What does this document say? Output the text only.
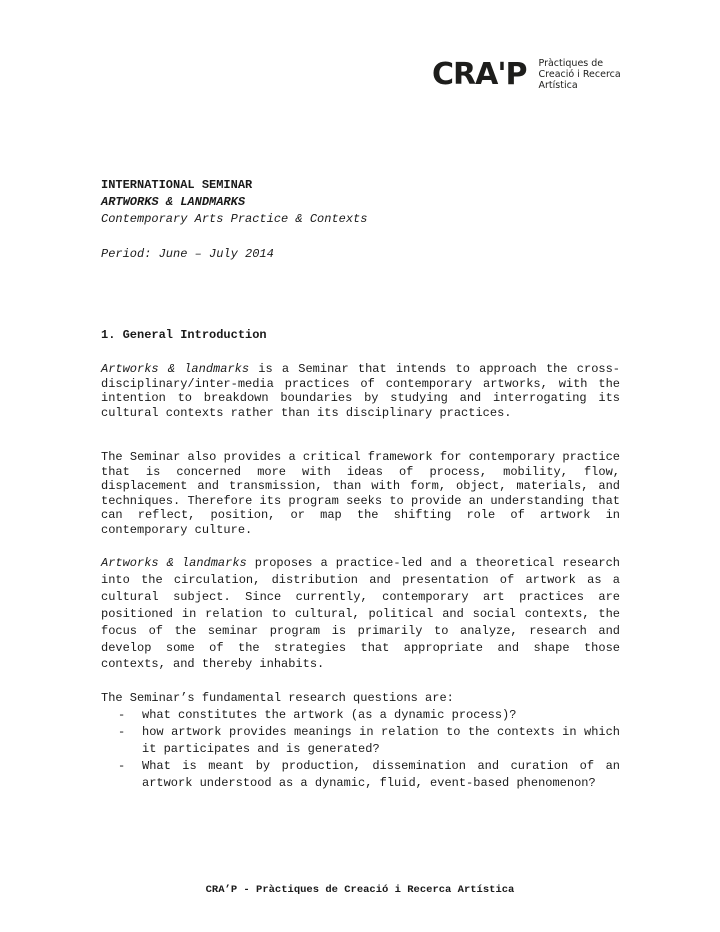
CRA'P Pràctiques de
Creació i Recerca
Artística
INTERNATIONAL SEMINAR
ARTWORKS & LANDMARKS
Contemporary Arts Practice & Contexts
Period: June – July 2014
1. General Introduction

Artworks & landmarks is a Seminar that intends to approach the cross-disciplinary/inter-media practices of contemporary artworks, with the intention to breakdown boundaries by studying and interrogating its cultural contexts rather than its disciplinary practices.

The Seminar also provides a critical framework for contemporary practice that is concerned more with ideas of process, mobility, flow, displacement and transmission, than with form, object, materials, and techniques. Therefore its program seeks to provide an understanding that can reflect, position, or map the shifting role of artwork in contemporary culture.

Artworks & landmarks proposes a practice-led and a theoretical research into the circulation, distribution and presentation of artwork as a cultural subject. Since currently, contemporary art practices are positioned in relation to cultural, political and social contexts, the focus of the seminar program is primarily to analyze, research and develop some of the strategies that appropriate and shape those contexts, and thereby inhabits.

The Seminar’s fundamental research questions are:

- what constitutes the artwork (as a dynamic process)?
- how artwork provides meanings in relation to the contexts in which it participates and is generated?
- What is meant by production, dissemination and curation of an artwork understood as a dynamic, fluid, event-based phenomenon?
CRA’P - Pràctiques de Creació i Recerca Artística
